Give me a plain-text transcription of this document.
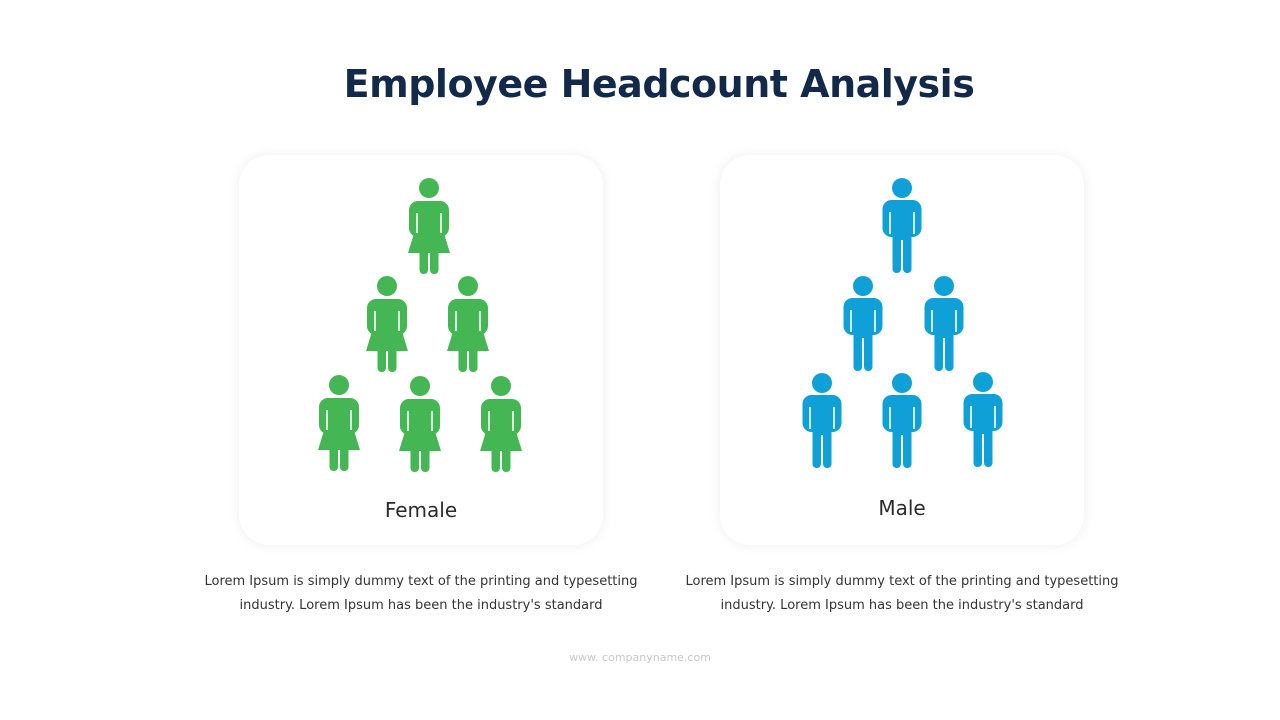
Employee Headcount Analysis
Female	Male

Lorem Ipsum is simply dummy text of the printing and typesetting industry. Lorem Ipsum has been the industry's standard

Lorem Ipsum is simply dummy text of the printing and typesetting industry. Lorem Ipsum has been the industry's standard

www. companyname.com
